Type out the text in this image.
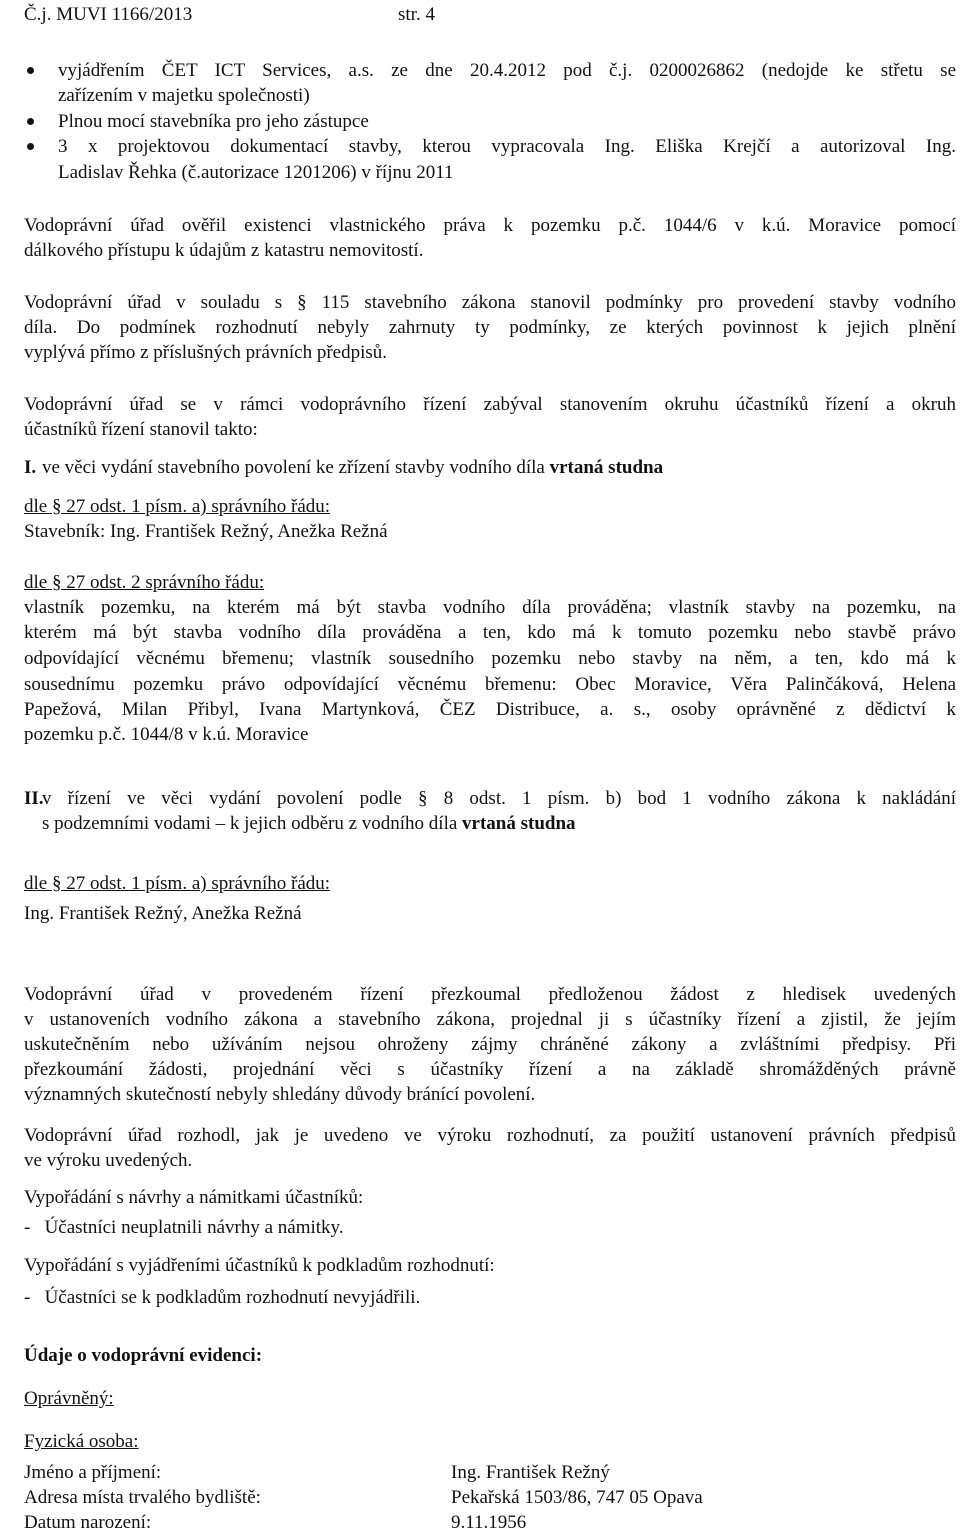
Č.j. MUVI 1166/2013	str. 4
vyjádřením ČET ICT Services, a.s. ze dne 20.4.2012 pod č.j. 0200026862 (nedojde ke střetu se
zařízením v majetku společnosti)
Plnou mocí stavebníka pro jeho zástupce
3 x projektovou dokumentací stavby, kterou vypracovala Ing. Eliška Krejčí a autorizoval Ing.
Ladislav Řehka (č.autorizace 1201206) v říjnu 2011
Vodoprávní úřad ověřil existenci vlastnického práva k pozemku p.č. 1044/6 v k.ú. Moravice pomocí
dálkového přístupu k údajům z katastru nemovitostí.
Vodoprávní úřad v souladu s § 115 stavebního zákona stanovil podmínky pro provedení stavby vodního
díla. Do podmínek rozhodnutí nebyly zahrnuty ty podmínky, ze kterých povinnost k jejich plnění
vyplývá přímo z příslušných právních předpisů.
Vodoprávní úřad se v rámci vodoprávního řízení zabýval stanovením okruhu účastníků řízení a okruh
účastníků řízení stanovil takto:
I. ve věci vydání stavebního povolení ke zřízení stavby vodního díla vrtaná studna
dle § 27 odst. 1 písm. a) správního řádu:
Stavebník: Ing. František Režný, Anežka Režná
dle § 27 odst. 2 správního řádu:
vlastník pozemku, na kterém má být stavba vodního díla prováděna; vlastník stavby na pozemku, na
kterém má být stavba vodního díla prováděna a ten, kdo má k tomuto pozemku nebo stavbě právo
odpovídající věcnému břemenu; vlastník sousedního pozemku nebo stavby na něm, a ten, kdo má k
sousednímu pozemku právo odpovídající věcnému břemenu: Obec Moravice, Věra Palinčáková, Helena
Papežová, Milan Přibyl, Ivana Martynková, ČEZ Distribuce, a. s., osoby oprávněné z dědictví k
pozemku p.č. 1044/8 v k.ú. Moravice
II.
v řízení ve věci vydání povolení podle § 8 odst. 1 písm. b) bod 1 vodního zákona k nakládání
s podzemními vodami – k jejich odběru z vodního díla vrtaná studna
dle § 27 odst. 1 písm. a) správního řádu:
Ing. František Režný, Anežka Režná
Vodoprávní úřad v provedeném řízení přezkoumal předloženou žádost z hledisek uvedených
v ustanoveních vodního zákona a stavebního zákona, projednal ji s účastníky řízení a zjistil, že jejím
uskutečněním nebo užíváním nejsou ohroženy zájmy chráněné zákony a zvláštními předpisy. Při
přezkoumání žádosti, projednání věci s účastníky řízení a na základě shromážděných právně
významných skutečností nebyly shledány důvody bránící povolení.
Vodoprávní úřad rozhodl, jak je uvedeno ve výroku rozhodnutí, za použití ustanovení právních předpisů
ve výroku uvedených.
Vypořádání s návrhy a námitkami účastníků:
-   Účastníci neuplatnili návrhy a námitky.
Vypořádání s vyjádřeními účastníků k podkladům rozhodnutí:
-   Účastníci se k podkladům rozhodnutí nevyjádřili.
Údaje o vodoprávní evidenci:
Oprávněný:
Fyzická osoba:
Jméno a příjmení:	Ing. František Režný
Adresa místa trvalého bydliště:	Pekařská 1503/86, 747 05 Opava
Datum narození:	9.11.1956
